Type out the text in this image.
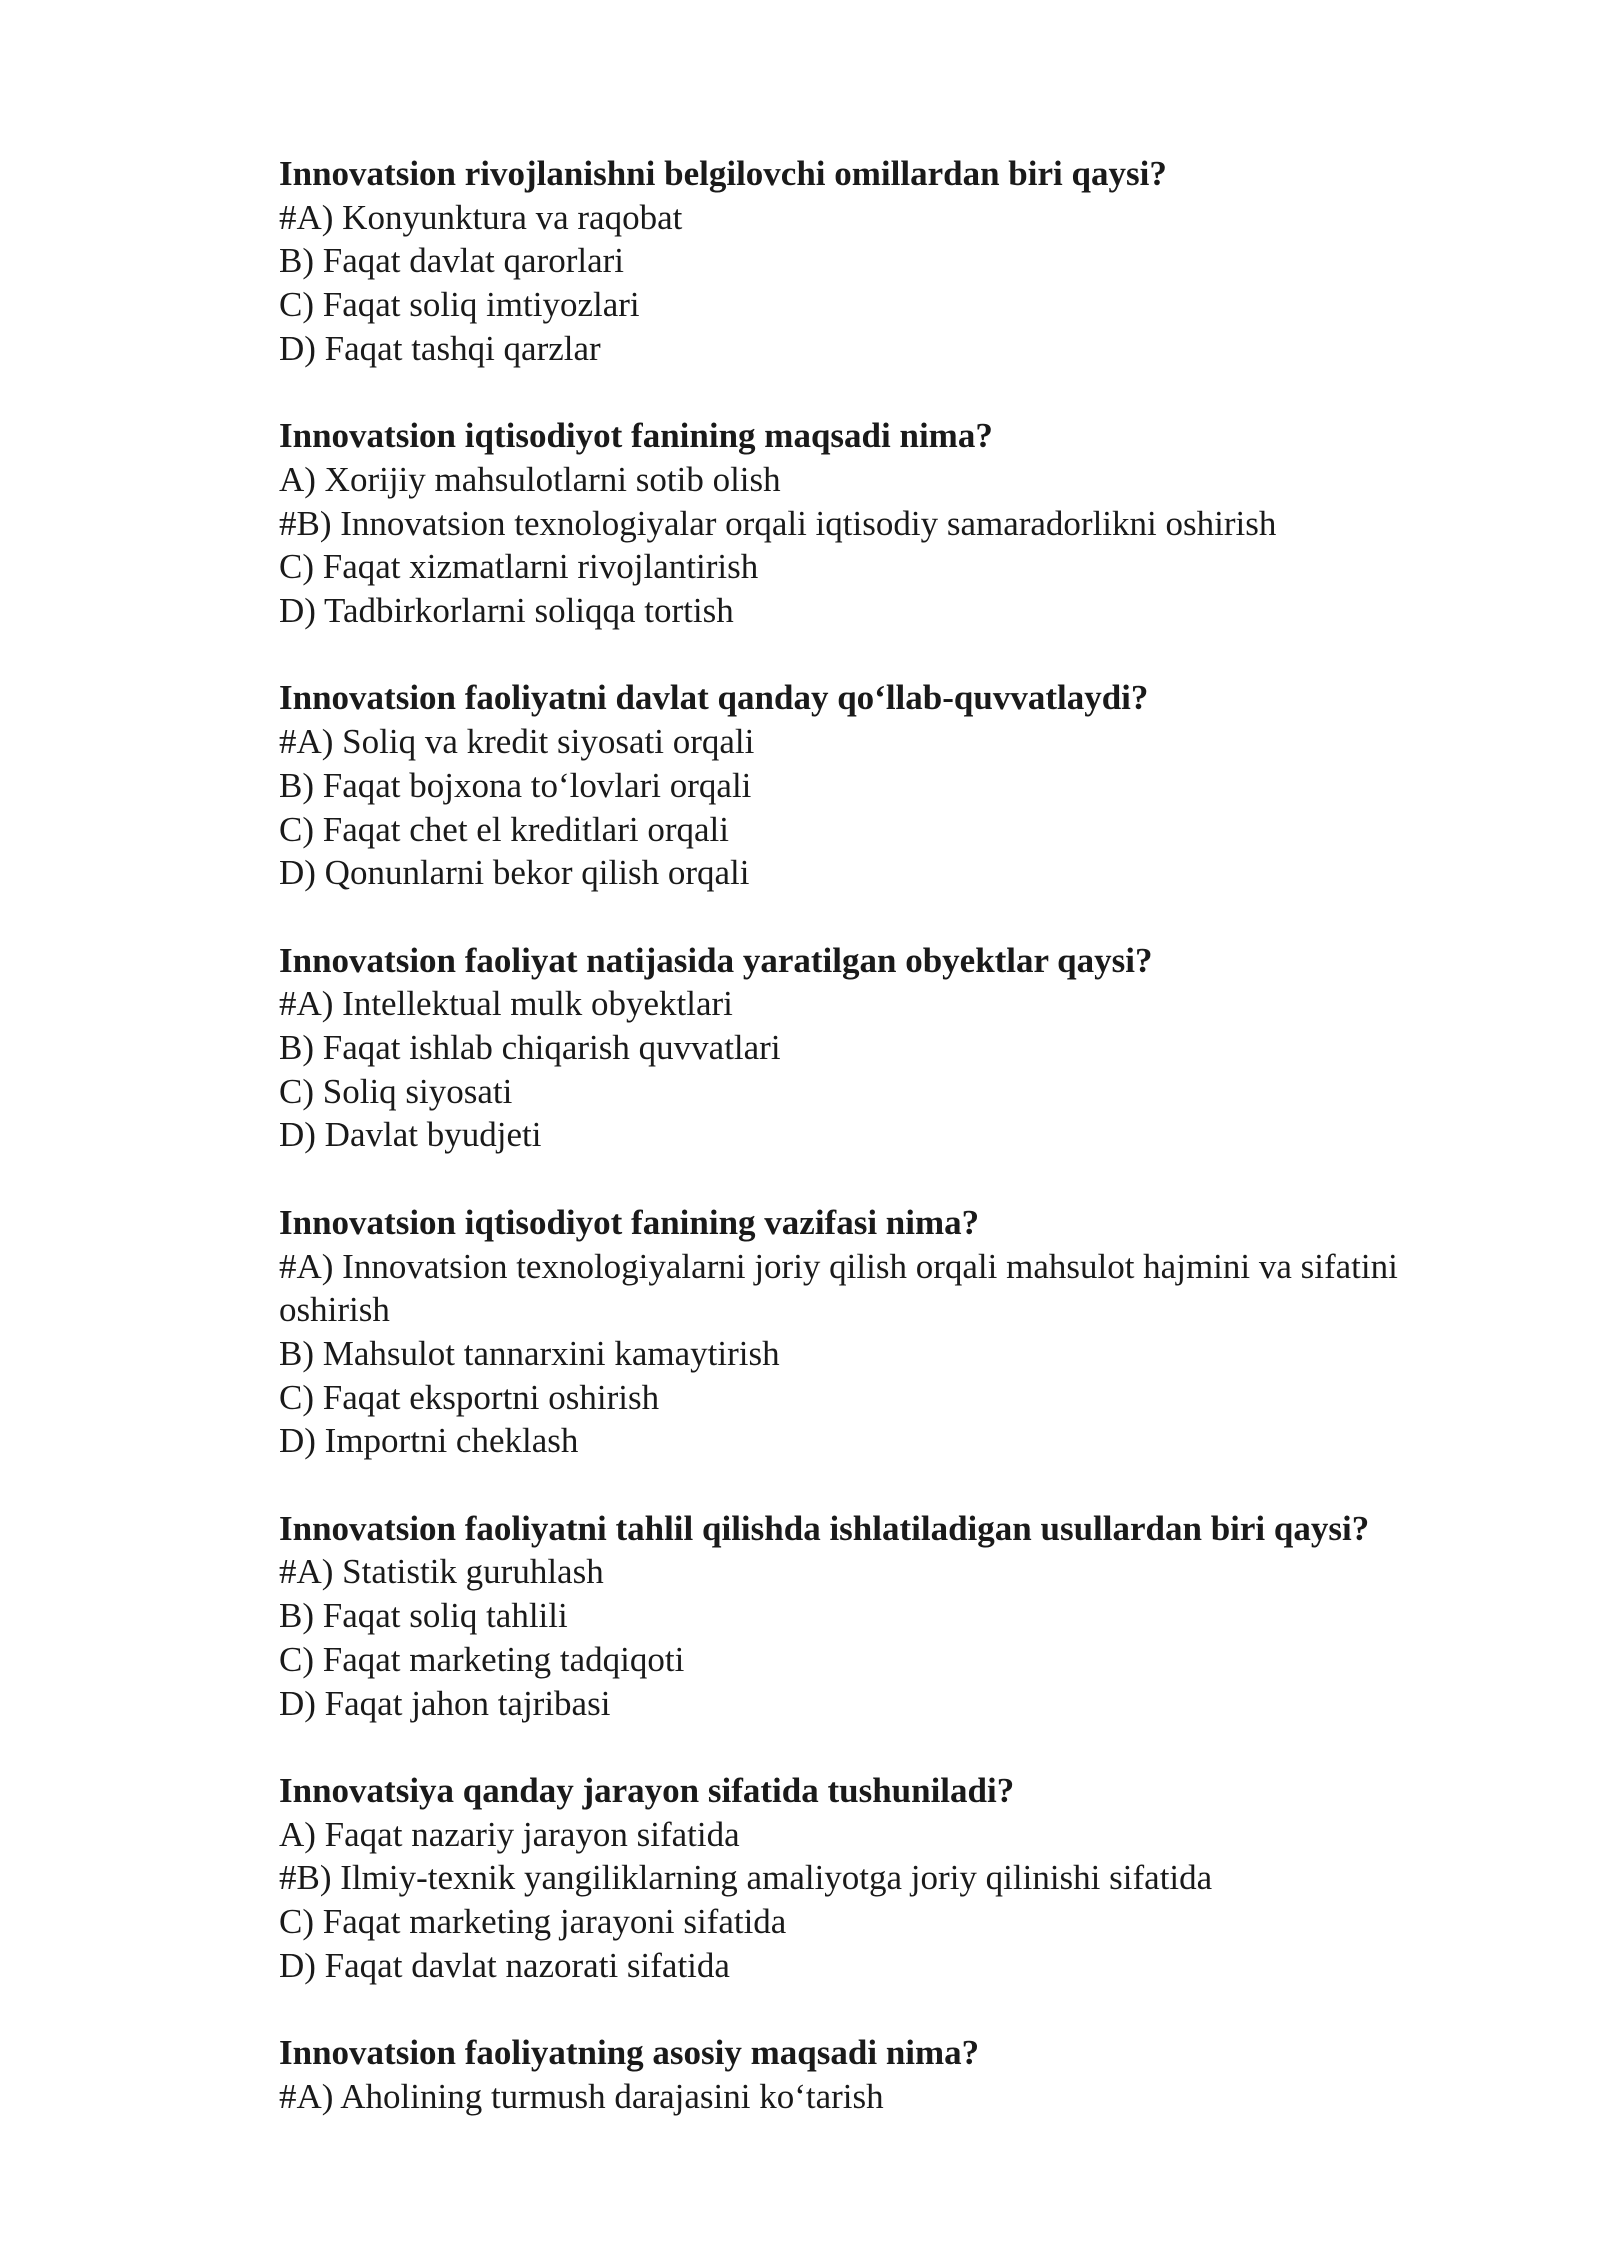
Innovatsion rivojlanishni belgilovchi omillardan biri qaysi?

#A) Konyunktura va raqobat

B) Faqat davlat qarorlari

C) Faqat soliq imtiyozlari

D) Faqat tashqi qarzlar

Innovatsion iqtisodiyot fanining maqsadi nima?

A) Xorijiy mahsulotlarni sotib olish

#B) Innovatsion texnologiyalar orqali iqtisodiy samaradorlikni oshirish

C) Faqat xizmatlarni rivojlantirish

D) Tadbirkorlarni soliqqa tortish

Innovatsion faoliyatni davlat qanday qo‘llab-quvvatlaydi?

#A) Soliq va kredit siyosati orqali

B) Faqat bojxona to‘lovlari orqali

C) Faqat chet el kreditlari orqali

D) Qonunlarni bekor qilish orqali

Innovatsion faoliyat natijasida yaratilgan obyektlar qaysi?

#A) Intellektual mulk obyektlari

B) Faqat ishlab chiqarish quvvatlari

C) Soliq siyosati

D) Davlat byudjeti

Innovatsion iqtisodiyot fanining vazifasi nima?

#A) Innovatsion texnologiyalarni joriy qilish orqali mahsulot hajmini va sifatini oshirish

B) Mahsulot tannarxini kamaytirish

C) Faqat eksportni oshirish

D) Importni cheklash

Innovatsion faoliyatni tahlil qilishda ishlatiladigan usullardan biri qaysi?

#A) Statistik guruhlash

B) Faqat soliq tahlili

C) Faqat marketing tadqiqoti

D) Faqat jahon tajribasi

Innovatsiya qanday jarayon sifatida tushuniladi?

A) Faqat nazariy jarayon sifatida

#B) Ilmiy-texnik yangiliklarning amaliyotga joriy qilinishi sifatida

C) Faqat marketing jarayoni sifatida

D) Faqat davlat nazorati sifatida

Innovatsion faoliyatning asosiy maqsadi nima?

#A) Aholining turmush darajasini ko‘tarish
